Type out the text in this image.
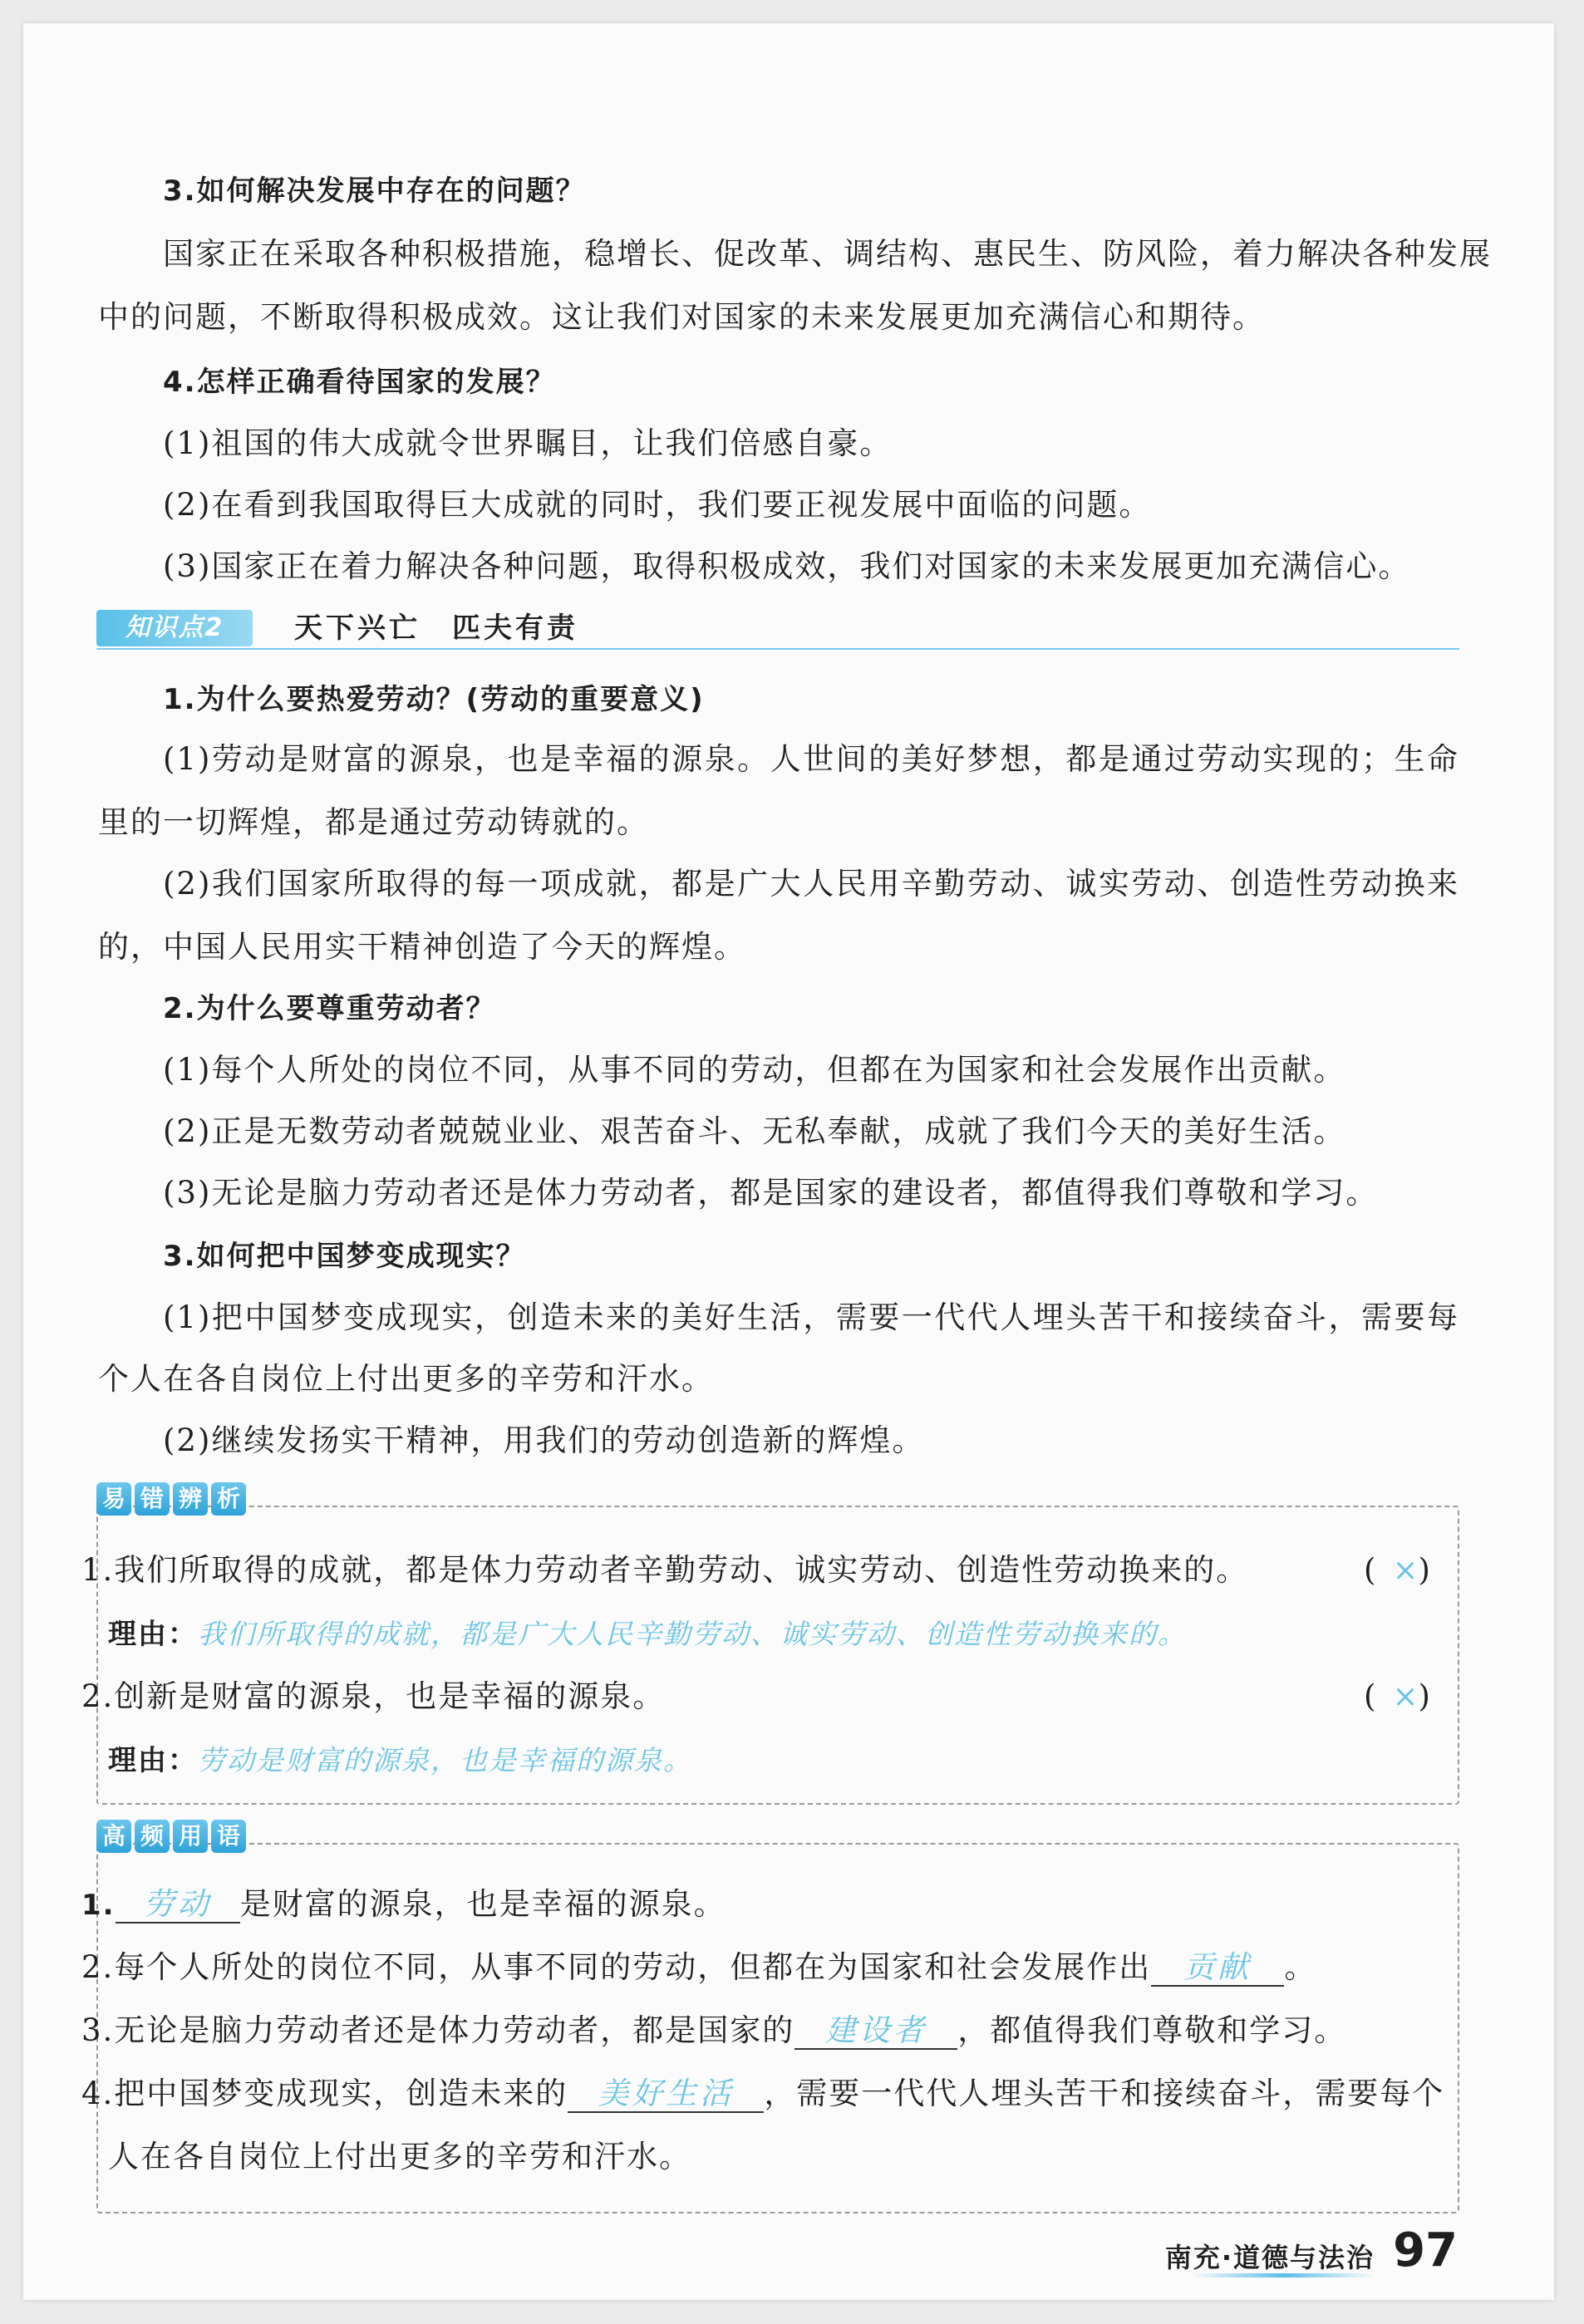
3.如何解决发展中存在的问题？
国家正在采取各种积极措施，稳增长、促改革、调结构、惠民生、防风险，着力解决各种发展
中的问题，不断取得积极成效。这让我们对国家的未来发展更加充满信心和期待。
4.怎样正确看待国家的发展？
(1)祖国的伟大成就令世界瞩目，让我们倍感自豪。
(2)在看到我国取得巨大成就的同时，我们要正视发展中面临的问题。
(3)国家正在着力解决各种问题，取得积极成效，我们对国家的未来发展更加充满信心。
知识点2	天下兴亡　匹夫有责
1.为什么要热爱劳动？(劳动的重要意义)
(1)劳动是财富的源泉，也是幸福的源泉。人世间的美好梦想，都是通过劳动实现的；生命
里的一切辉煌，都是通过劳动铸就的。
(2)我们国家所取得的每一项成就，都是广大人民用辛勤劳动、诚实劳动、创造性劳动换来
的，中国人民用实干精神创造了今天的辉煌。
2.为什么要尊重劳动者？
(1)每个人所处的岗位不同，从事不同的劳动，但都在为国家和社会发展作出贡献。
(2)正是无数劳动者兢兢业业、艰苦奋斗、无私奉献，成就了我们今天的美好生活。
(3)无论是脑力劳动者还是体力劳动者，都是国家的建设者，都值得我们尊敬和学习。
3.如何把中国梦变成现实？
(1)把中国梦变成现实，创造未来的美好生活，需要一代代人埋头苦干和接续奋斗，需要每
个人在各自岗位上付出更多的辛劳和汗水。
(2)继续发扬实干精神，用我们的劳动创造新的辉煌。
易 错 辨 析
1.我们所取得的成就，都是体力劳动者辛勤劳动、诚实劳动、创造性劳动换来的。	(×)
理由：我们所取得的成就，都是广大人民辛勤劳动、诚实劳动、创造性劳动换来的。
2.创新是财富的源泉，也是幸福的源泉。	(×)
理由：劳动是财富的源泉，也是幸福的源泉。
高 频 用 语
1. 劳动 是财富的源泉，也是幸福的源泉。
2.每个人所处的岗位不同，从事不同的劳动，但都在为国家和社会发展作出 贡献 。
3.无论是脑力劳动者还是体力劳动者，都是国家的 建设者 ，都值得我们尊敬和学习。
4.把中国梦变成现实，创造未来的 美好生活 ，需要一代代人埋头苦干和接续奋斗，需要每个
人在各自岗位上付出更多的辛劳和汗水。
南充·道德与法治 97
